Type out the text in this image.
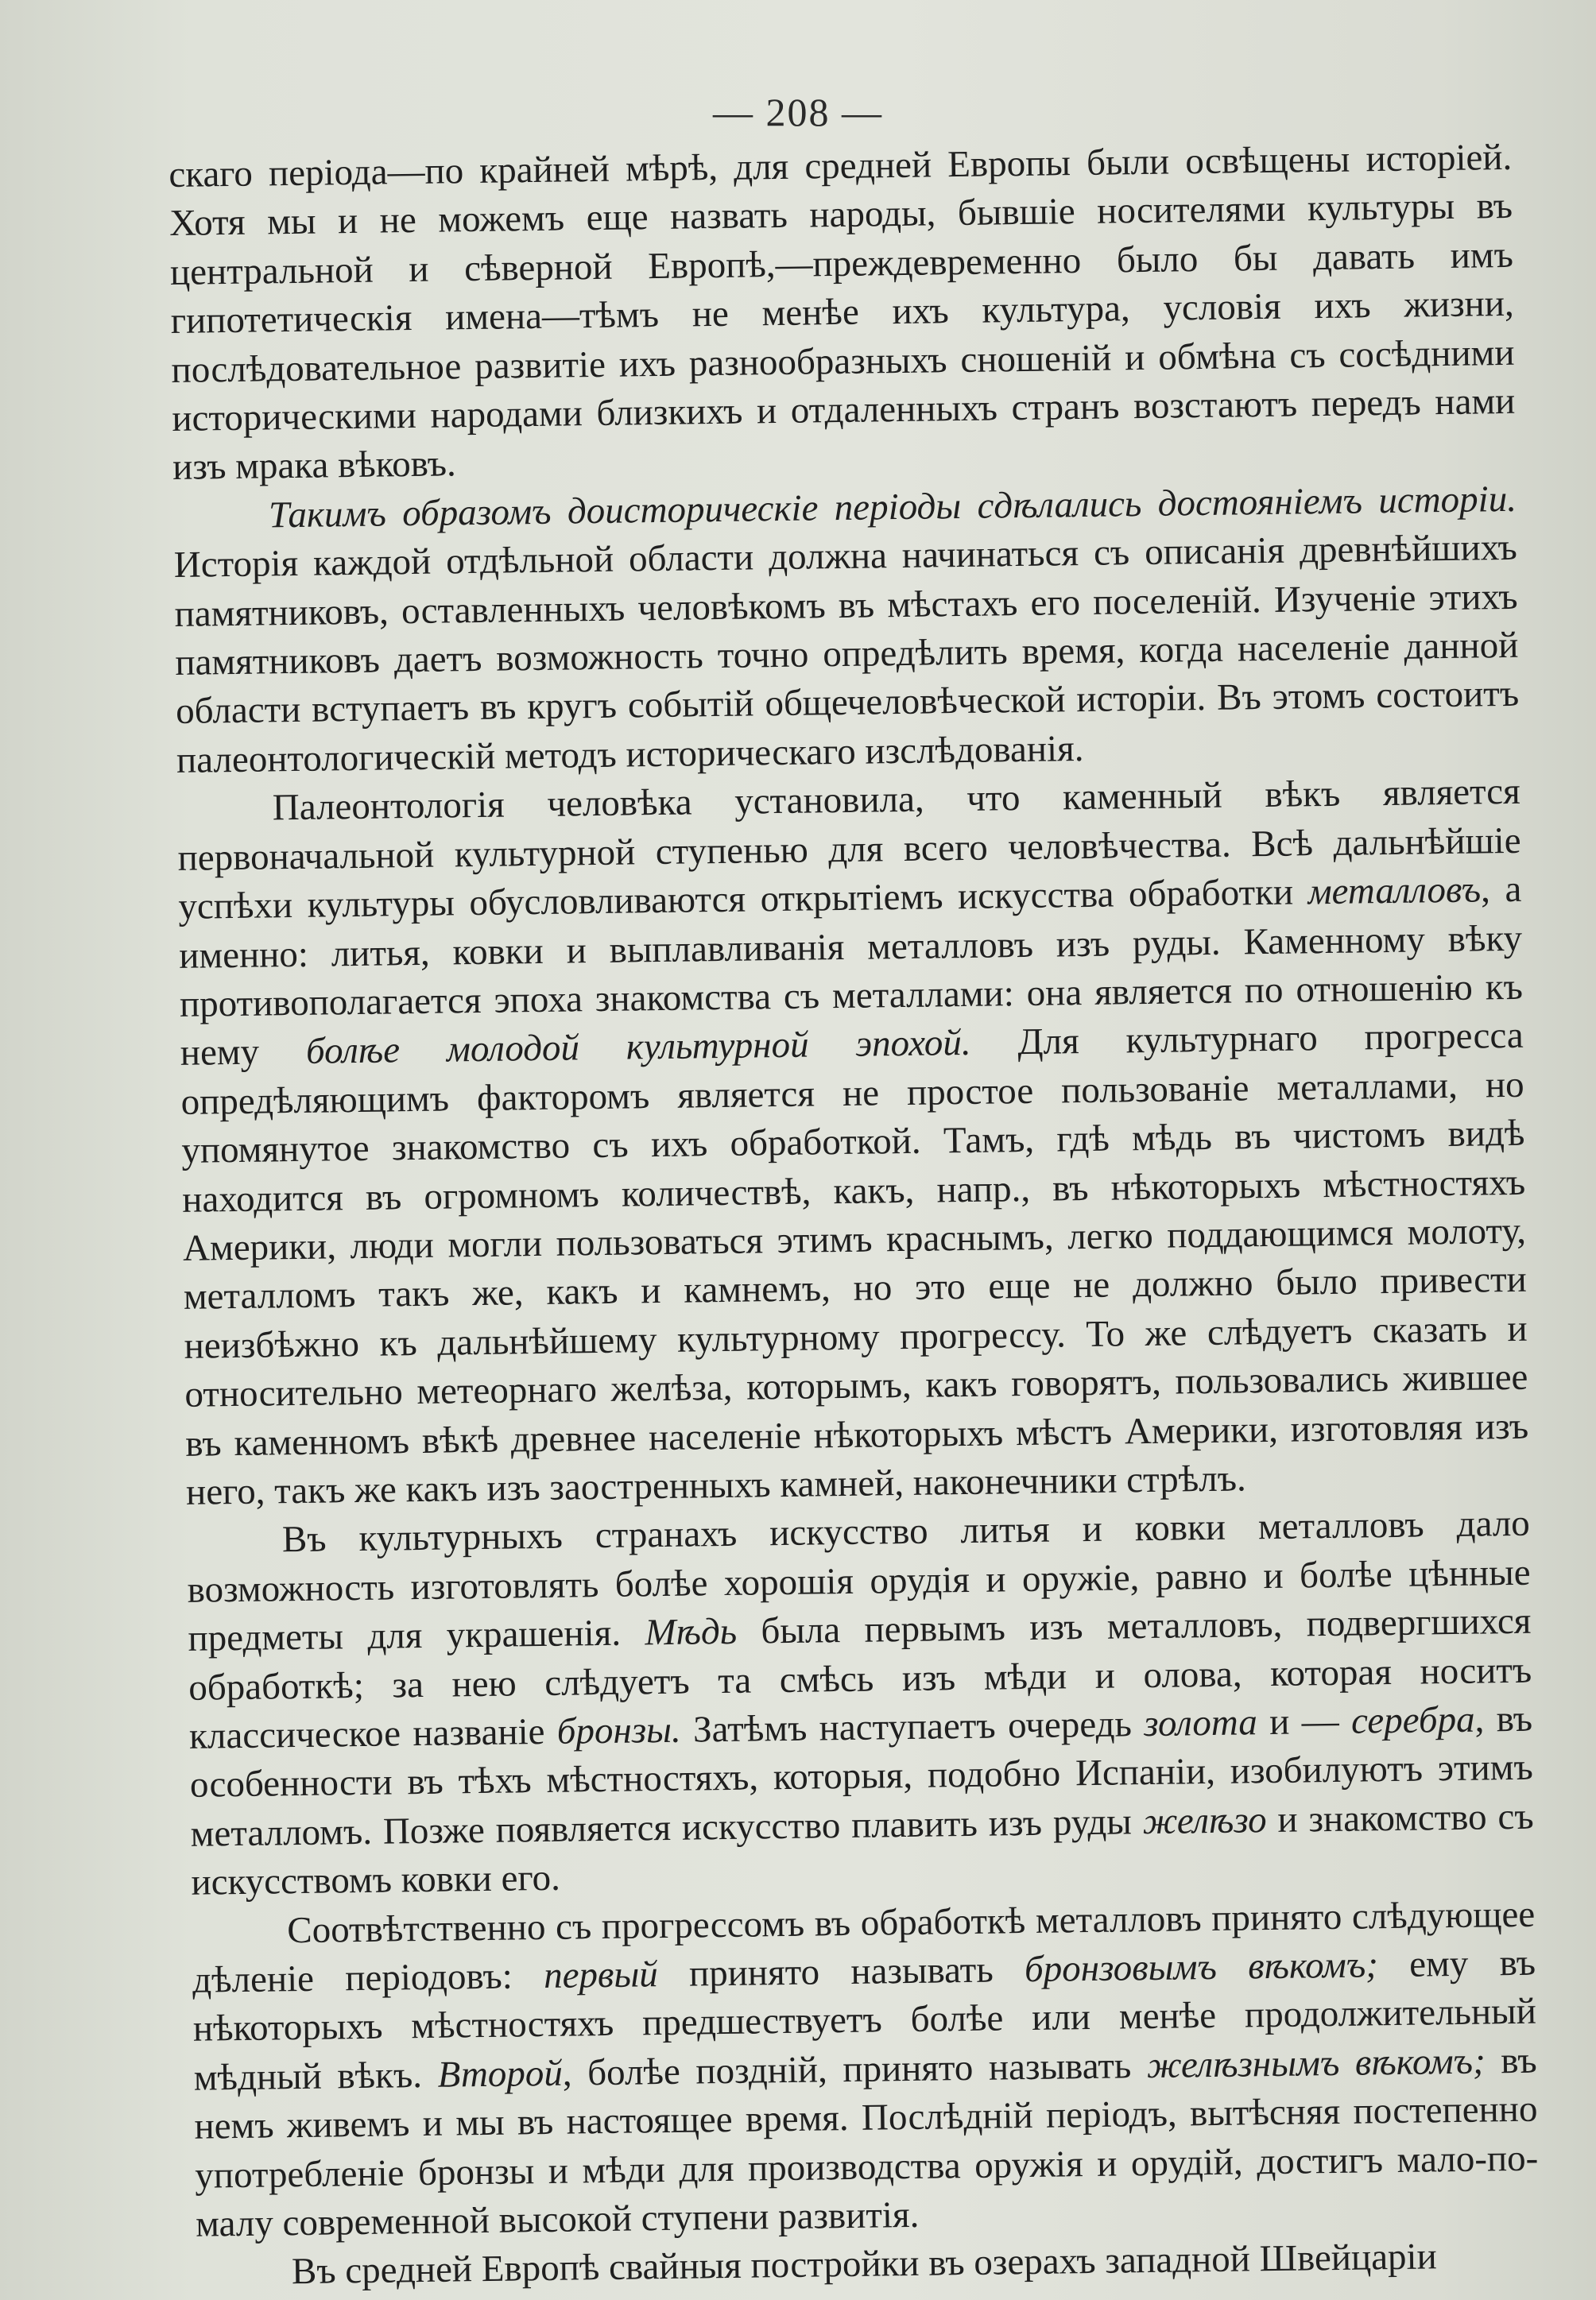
— 208 —

скаго періода—по крайней мѣрѣ, для средней Европы были освѣщены исторіей. Хотя мы и не можемъ еще назвать народы, бывшіе носителями культуры въ центральной и сѣверной Европѣ,—преждевременно было бы давать имъ гипотетическія имена—тѣмъ не менѣе ихъ культура, условія ихъ жизни, послѣдовательное развитіе ихъ разнообразныхъ сношеній и обмѣна съ сосѣдними историческими народами близкихъ и отдаленныхъ странъ возстаютъ передъ нами изъ мрака вѣковъ.

Такимъ образомъ доисторическіе періоды сдѣлались достояніемъ исторіи. Исторія каждой отдѣльной области должна начинаться съ описанія древнѣйшихъ памятниковъ, оставленныхъ человѣкомъ въ мѣстахъ его поселеній. Изученіе этихъ памятниковъ даетъ возможность точно опредѣлить время, когда населеніе данной области вступаетъ въ кругъ событій общечеловѣческой исторіи. Въ этомъ состоитъ палеонтологическій методъ историческаго изслѣдованія.

Палеонтологія человѣка установила, что каменный вѣкъ является первоначальной культурной ступенью для всего человѣчества. Всѣ дальнѣйшіе успѣхи культуры обусловливаются открытіемъ искусства обработки металловъ, а именно: литья, ковки и выплавливанія металловъ изъ руды. Каменному вѣку противополагается эпоха знакомства съ металлами: она является по отношенію къ нему болѣе молодой культурной эпохой. Для культурнаго прогресса опредѣляющимъ факторомъ является не простое пользованіе металлами, но упомянутое знакомство съ ихъ обработкой. Тамъ, гдѣ мѣдь въ чистомъ видѣ находится въ огромномъ количествѣ, какъ, напр., въ нѣкоторыхъ мѣстностяхъ Америки, люди могли пользоваться этимъ краснымъ, легко поддающимся молоту, металломъ такъ же, какъ и камнемъ, но это еще не должно было привести неизбѣжно къ дальнѣйшему культурному прогрессу. То же слѣдуетъ сказать и относительно метеорнаго желѣза, которымъ, какъ говорятъ, пользовались жившее въ каменномъ вѣкѣ древнее населеніе нѣкоторыхъ мѣстъ Америки, изготовляя изъ него, такъ же какъ изъ заостренныхъ камней, наконечники стрѣлъ.

Въ культурныхъ странахъ искусство литья и ковки металловъ дало возможность изготовлять болѣе хорошія орудія и оружіе, равно и болѣе цѣнные предметы для украшенія. Мѣдь была первымъ изъ металловъ, подвергшихся обработкѣ; за нею слѣдуетъ та смѣсь изъ мѣди и олова, которая носитъ классическое названіе бронзы. Затѣмъ наступаетъ очередь золота и — серебра, въ особенности въ тѣхъ мѣстностяхъ, которыя, подобно Испаніи, изобилуютъ этимъ металломъ. Позже появляется искусство плавить изъ руды желѣзо и знакомство съ искусствомъ ковки его.

Соотвѣтственно съ прогрессомъ въ обработкѣ металловъ принято слѣдующее дѣленіе періодовъ: первый принято называть бронзовымъ вѣкомъ; ему въ нѣкоторыхъ мѣстностяхъ предшествуетъ болѣе или менѣе продолжительный мѣдный вѣкъ. Второй, болѣе поздній, принято называть желѣзнымъ вѣкомъ; въ немъ живемъ и мы въ настоящее время. Послѣдній періодъ, вытѣсняя постепенно употребленіе бронзы и мѣди для производства оружія и орудій, достигъ мало-по-малу современной высокой ступени развитія.

Въ средней Европѣ свайныя постройки въ озерахъ западной Швейцаріи
